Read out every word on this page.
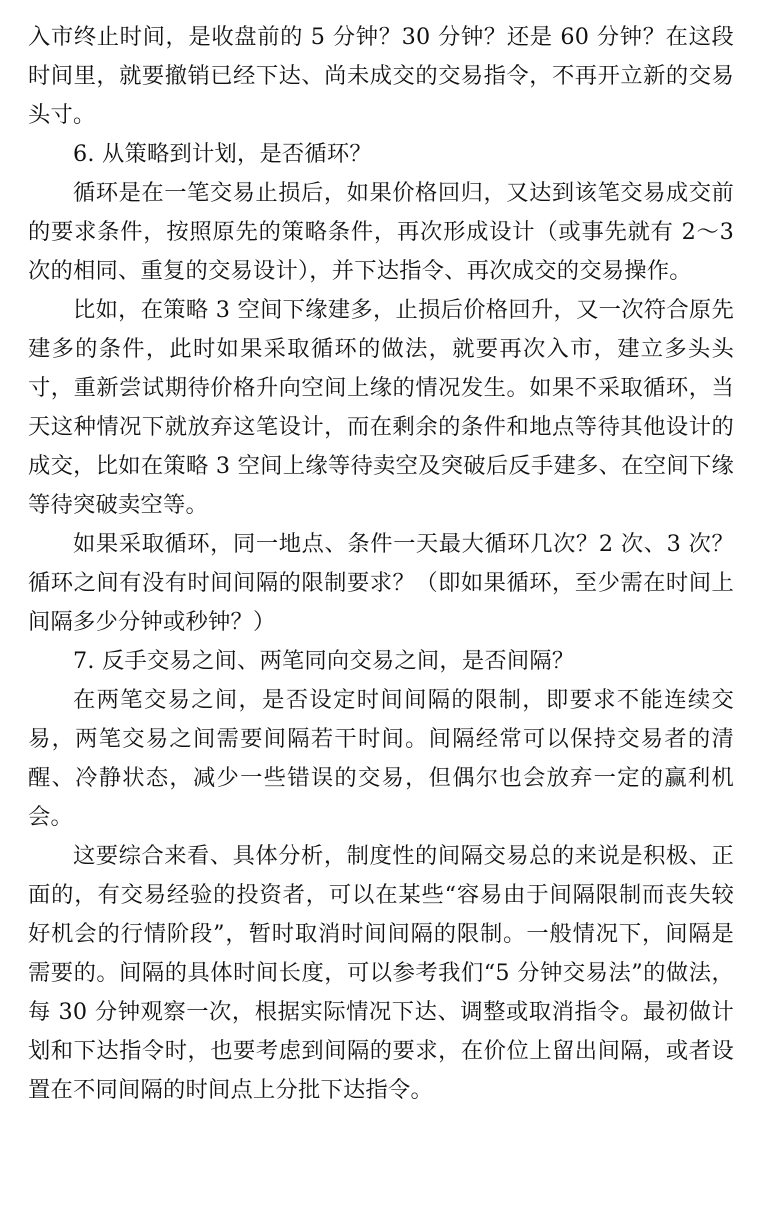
入市终止时间，是收盘前的 5 分钟？30 分钟？还是 60 分钟？在这段时间里，就要撤销已经下达、尚未成交的交易指令，不再开立新的交易头寸。

6. 从策略到计划，是否循环？

循环是在一笔交易止损后，如果价格回归，又达到该笔交易成交前的要求条件，按照原先的策略条件，再次形成设计（或事先就有 2～3 次的相同、重复的交易设计），并下达指令、再次成交的交易操作。

比如，在策略 3 空间下缘建多，止损后价格回升，又一次符合原先建多的条件，此时如果采取循环的做法，就要再次入市，建立多头头寸，重新尝试期待价格升向空间上缘的情况发生。如果不采取循环，当天这种情况下就放弃这笔设计，而在剩余的条件和地点等待其他设计的成交，比如在策略 3 空间上缘等待卖空及突破后反手建多、在空间下缘等待突破卖空等。

如果采取循环，同一地点、条件一天最大循环几次？2 次、3 次？循环之间有没有时间间隔的限制要求？（即如果循环，至少需在时间上间隔多少分钟或秒钟？）

7. 反手交易之间、两笔同向交易之间，是否间隔？

在两笔交易之间，是否设定时间间隔的限制，即要求不能连续交易，两笔交易之间需要间隔若干时间。间隔经常可以保持交易者的清醒、冷静状态，减少一些错误的交易，但偶尔也会放弃一定的赢利机会。

这要综合来看、具体分析，制度性的间隔交易总的来说是积极、正面的，有交易经验的投资者，可以在某些“容易由于间隔限制而丧失较好机会的行情阶段”，暂时取消时间间隔的限制。一般情况下，间隔是需要的。间隔的具体时间长度，可以参考我们“5 分钟交易法”的做法，每 30 分钟观察一次，根据实际情况下达、调整或取消指令。最初做计划和下达指令时，也要考虑到间隔的要求，在价位上留出间隔，或者设置在不同间隔的时间点上分批下达指令。
